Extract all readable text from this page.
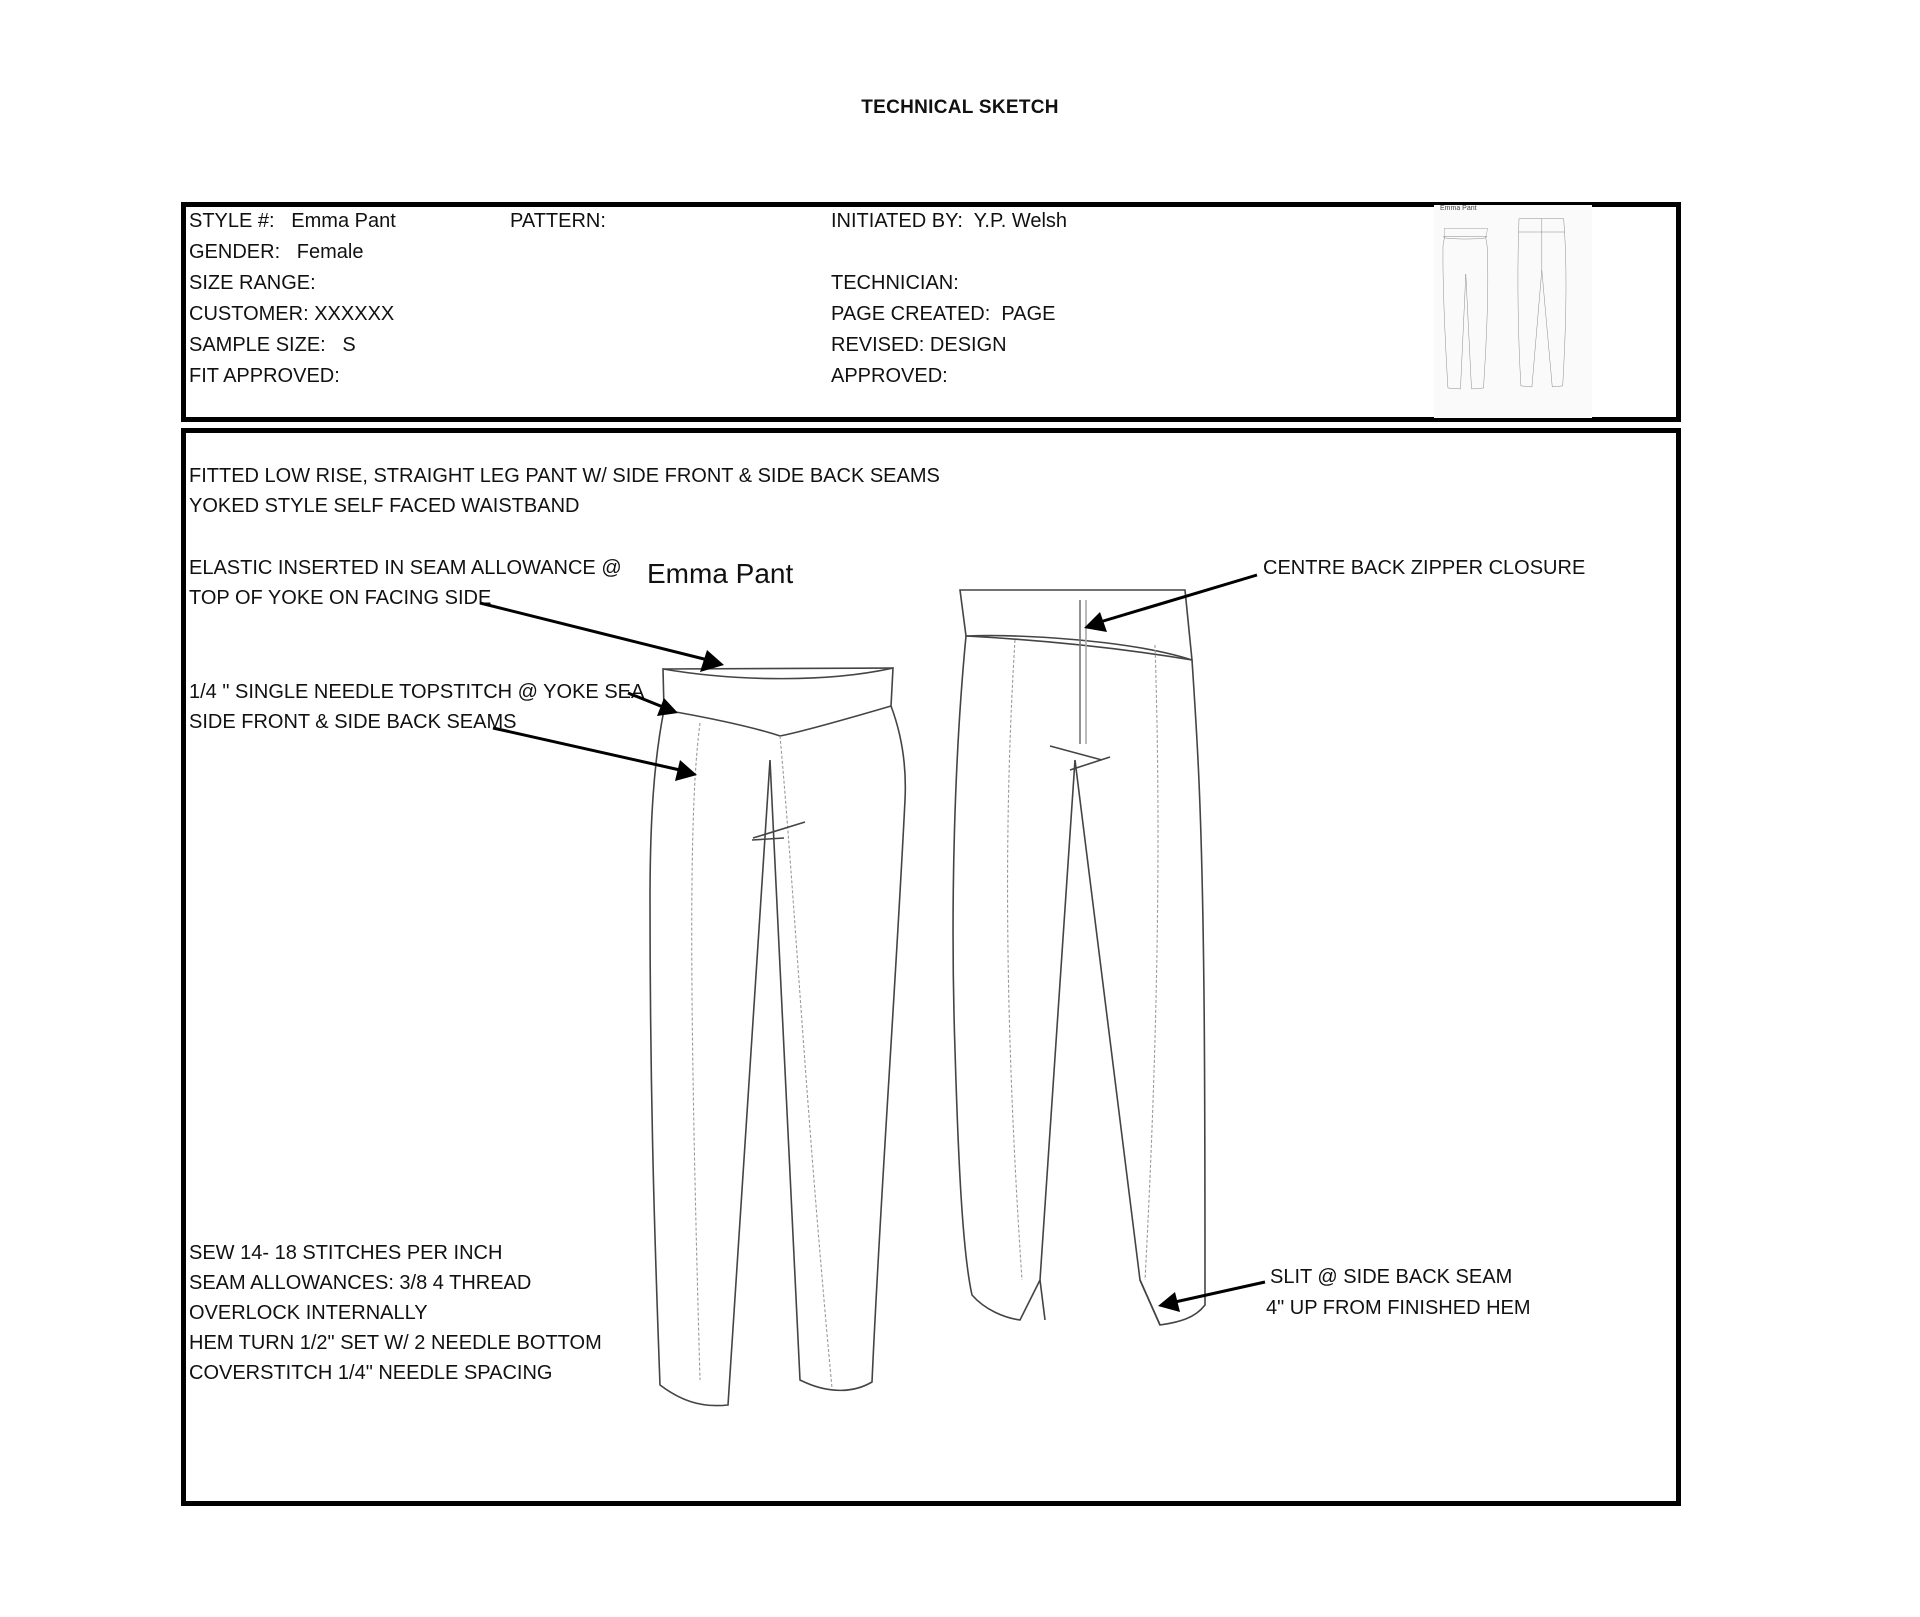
TECHNICAL SKETCH
STYLE #: Emma Pant	PATTERN:	INITIATED BY: Y.P. Welsh
GENDER: Female
SIZE RANGE:	TECHNICIAN:
CUSTOMER: XXXXXX	PAGE CREATED: PAGE
SAMPLE SIZE: S	REVISED: DESIGN
FIT APPROVED:	APPROVED:
Emma Pant
FITTED LOW RISE, STRAIGHT LEG PANT W/ SIDE FRONT & SIDE BACK SEAMS
YOKED STYLE SELF FACED WAISTBAND
ELASTIC INSERTED IN SEAM ALLOWANCE @
TOP OF YOKE ON FACING SIDE
Emma Pant
1/4 " SINGLE NEEDLE TOPSTITCH @ YOKE SEA
SIDE FRONT & SIDE BACK SEAMS
CENTRE BACK ZIPPER CLOSURE
SLIT @ SIDE BACK SEAM
4" UP FROM FINISHED HEM
SEW 14- 18 STITCHES PER INCH
SEAM ALLOWANCES: 3/8 4 THREAD
OVERLOCK INTERNALLY
HEM TURN 1/2" SET W/ 2 NEEDLE BOTTOM
COVERSTITCH 1/4" NEEDLE SPACING
